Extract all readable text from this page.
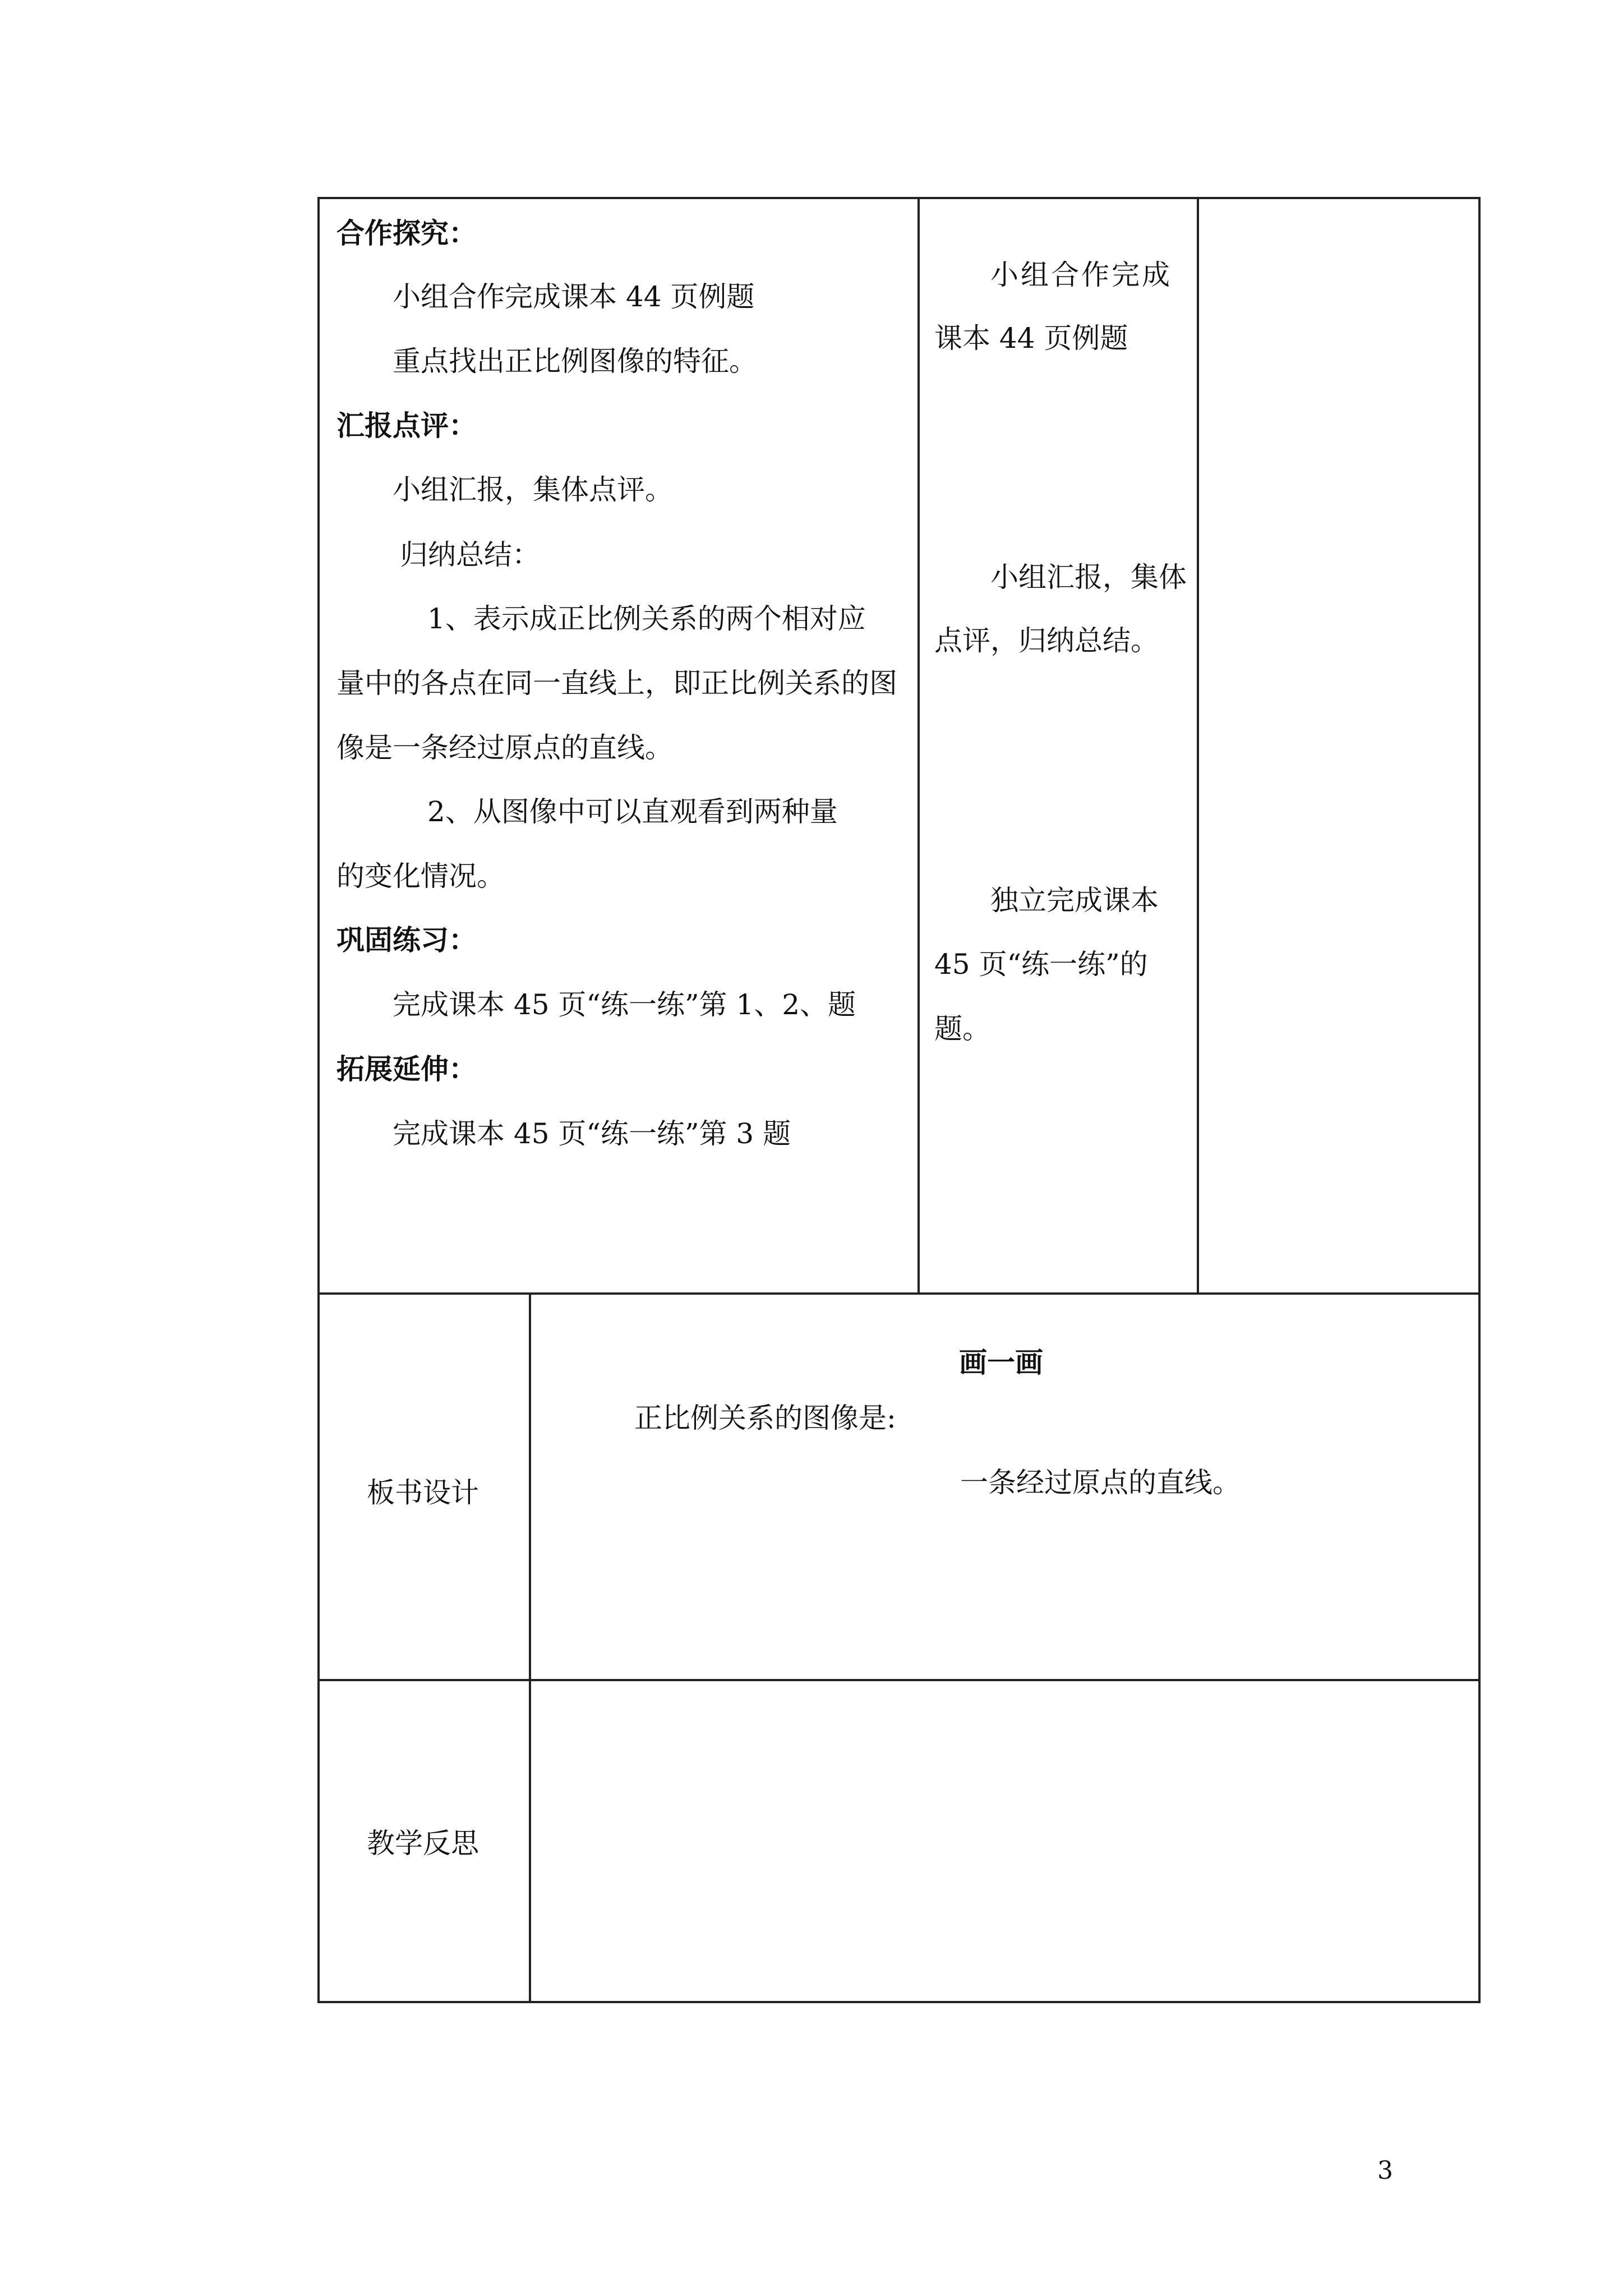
合作探究：
小组合作完成课本 44 页例题
重点找出正比例图像的特征。
汇报点评：
小组汇报，集体点评。
归纳总结：
1、表示成正比例关系的两个相对应
量中的各点在同一直线上，即正比例关系的图
像是一条经过原点的直线。
2、从图像中可以直观看到两种量
的变化情况。
巩固练习：
完成课本 45 页“练一练”第 1、2、题
拓展延伸：
完成课本 45 页“练一练”第 3 题
小组合作完成
课本 44 页例题
小组汇报，集体
点评，归纳总结。
独立完成课本
45 页“练一练”的
题。
板书设计
画一画
正比例关系的图像是:
一条经过原点的直线。
教学反思
3
